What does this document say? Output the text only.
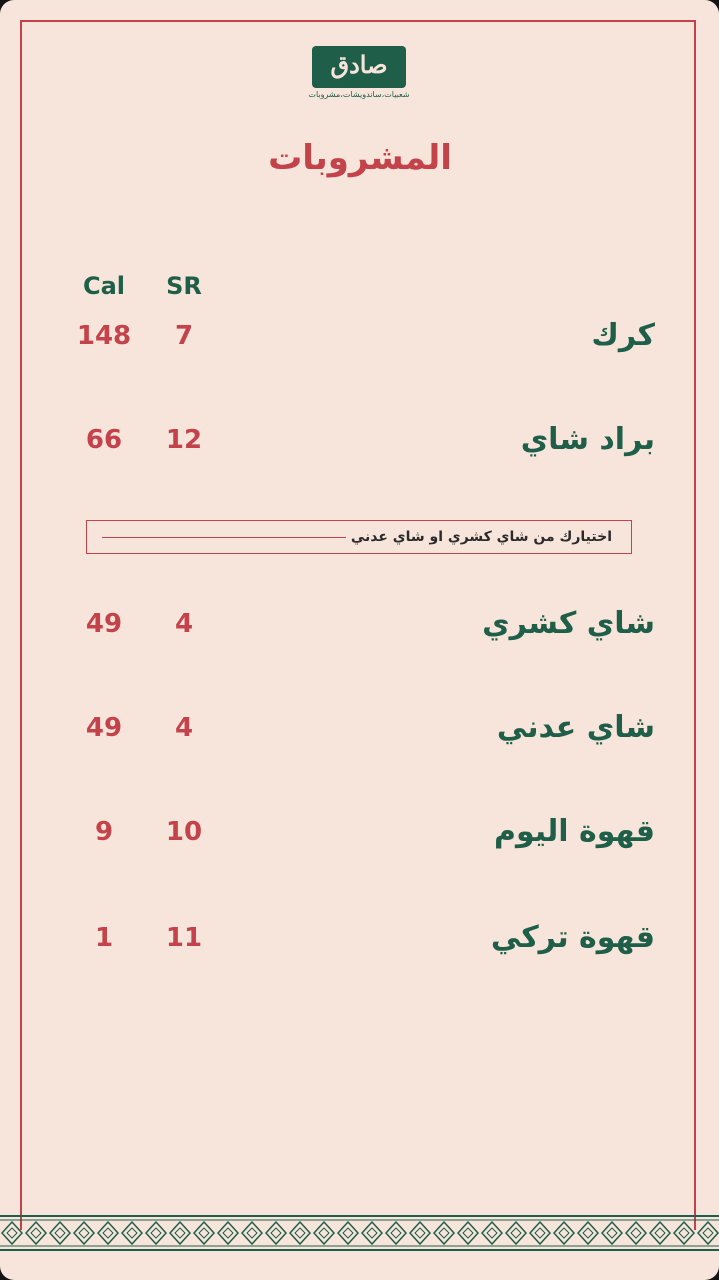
صادق
Sadeq
شعبيات،ساندويشات،مشروبات
المشروبات
Cal	SR
كرك
7
148
براد شاي
12
66
اختيارك من شاي كشري او شاي عدني
شاي كشري
4
49
شاي عدني
4
49
قهوة اليوم
10
9
قهوة تركي
11
1
